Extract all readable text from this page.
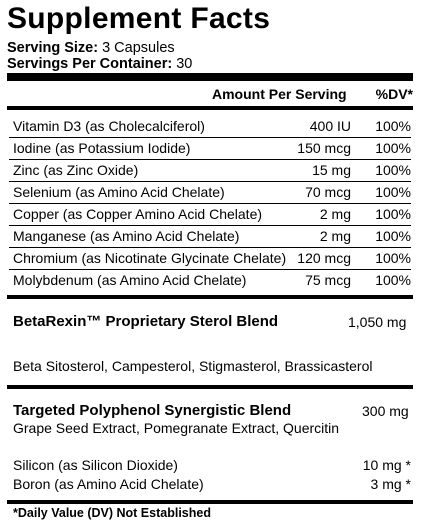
Supplement Facts
Serving Size: 3 Capsules
Servings Per Container: 30
Amount Per Serving %DV*
Vitamin D3 (as Cholecalciferol)	400 IU 100%
Iodine (as Potassium Iodide)	150 mcg 100%
Zinc (as Zinc Oxide)	15 mg 100%
Selenium (as Amino Acid Chelate)	70 mcg 100%
Copper (as Copper Amino Acid Chelate)	2 mg 100%
Manganese (as Amino Acid Chelate)	2 mg 100%
Chromium (as Nicotinate Glycinate Chelate) 120 mcg 100%
Molybdenum (as Amino Acid Chelate)	75 mcg 100%
BetaRexin™ Proprietary Sterol Blend	1,050 mg
Beta Sitosterol, Campesterol, Stigmasterol, Brassicasterol
Targeted Polyphenol Synergistic Blend	300 mg
Grape Seed Extract, Pomegranate Extract, Quercitin
Silicon (as Silicon Dioxide)	10 mg *
Boron (as Amino Acid Chelate)	3 mg *
*Daily Value (DV) Not Established
